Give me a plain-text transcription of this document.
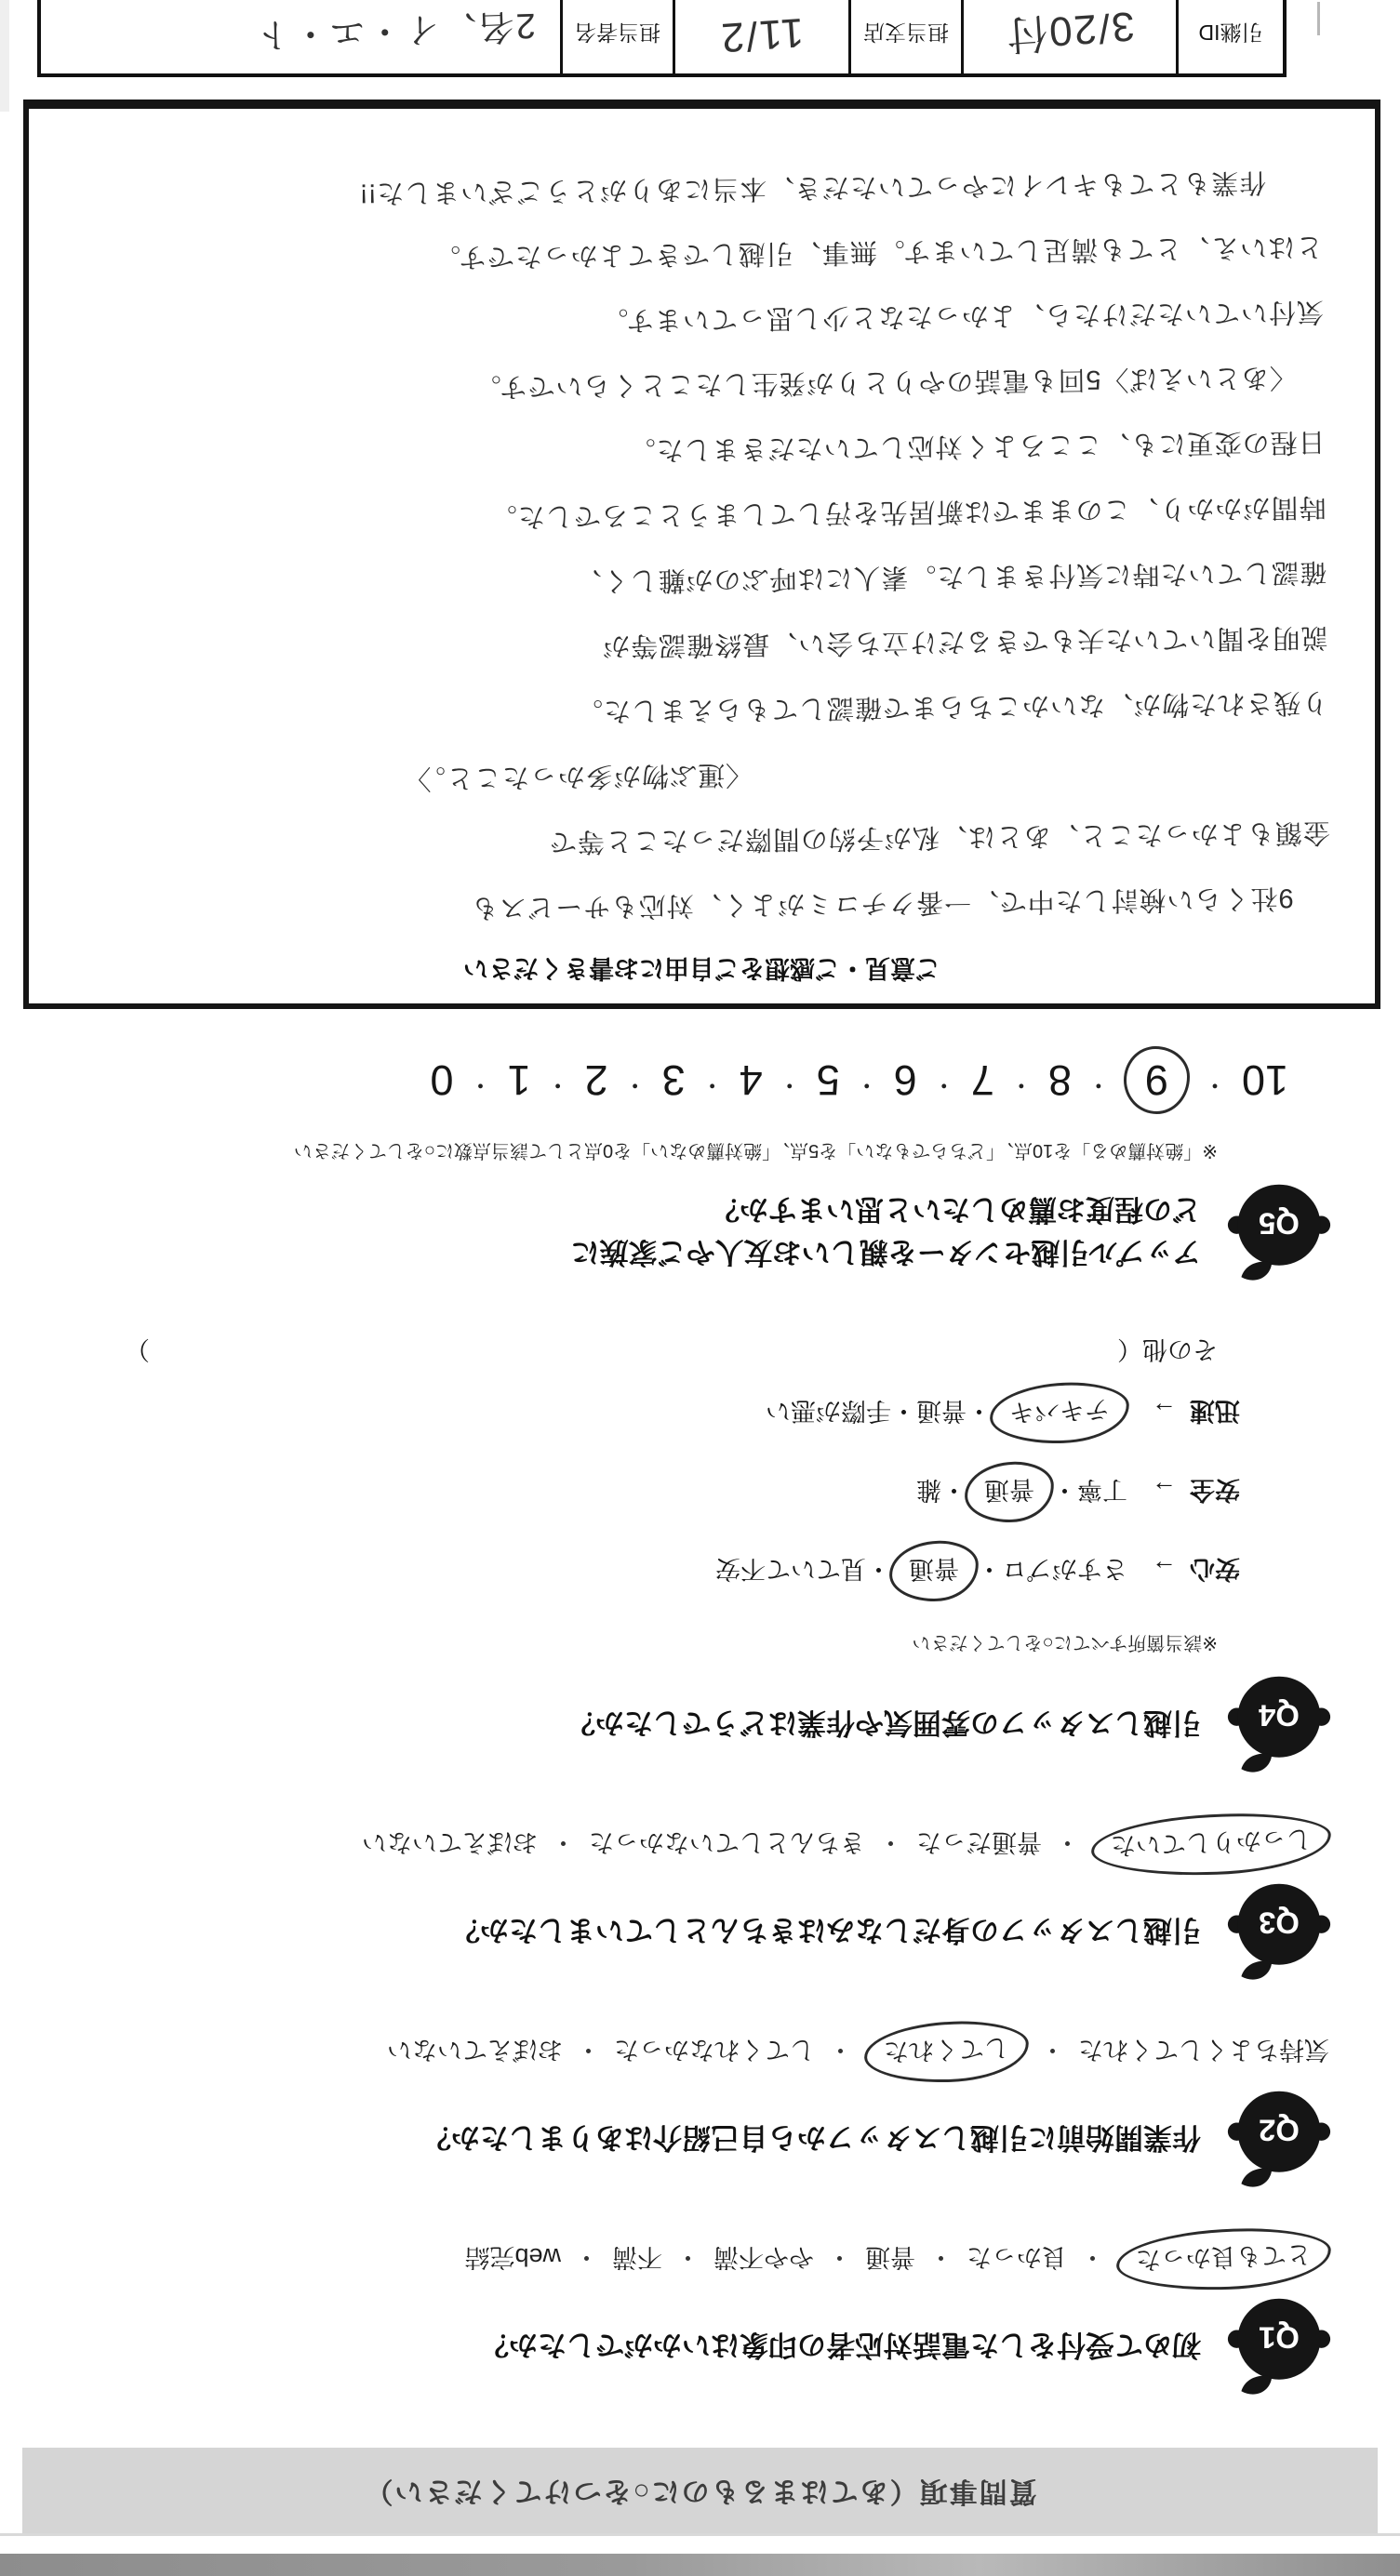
質問事項（あてはまるものに○をつけてください）
Q1
初めて受付をした電話対応者の印象はいかがでしたか？
とても良かった・良かった・普通・やや不満・不満・web完結
Q2
作業開始前に引越しスタッフから自己紹介はありましたか？
気持ちよくしてくれた・してくれた・してくれなかった・おぼえていない
Q3
引越しスタッフの身だしなみはきちんとしていましたか？
しっかりしていた・普通だった・きちんとしていなかった・おぼえていない
Q4
引越しスタッフの雰囲気や作業はどうでしたか？
※該当箇所すべてに○をしてください
安心→さすがプロ・普通・見ていて不安
安全→丁寧・普通・雑
迅速→テキパキ・普通・手際が悪い
その他（）
Q5
アップル引越センターを親しいお友人やご家族に
どの程度お薦めしたいと思いますか？
※「絶対薦める」を10点、「どちらでもない」を5点、「絶対薦めない」を0点として該当点数に○をしてください
10・9・8・7・6・5・4・3・2・1・0
ご意見・ご感想をご自由にお書きください
9社くらい検討した中で、一番クチコミがよく、対応もサービスも
金額もよかったこと、あとは、私が予約の間際だったこと等で
〈運ぶ物が多かったこと。〉
り残された物が、ないかこちらまで確認してもらえました。
説明を聞いていた夫もできるだけ立ち会い、最終確認等が
確認していた時に気付きました。素人には呼ぶのが難しく、
時間がかかり、このままでは新居先を汚してしまうところでした。
日程の変更にも、こころよく対応していただきました。
〈あといえば〉5回も電話のやりとりが発生したことくらいです。
気付いていただけたら、よかったなと少し思っています。
とはいえ、とても満足しています。無事、引越しできてよかったです。
作業もとてもキレイにやっていただき、本当にありがとうございました!!
引継ID
3/20付
担当支店
11/2
担当者名
2名、イ・エ・ト
